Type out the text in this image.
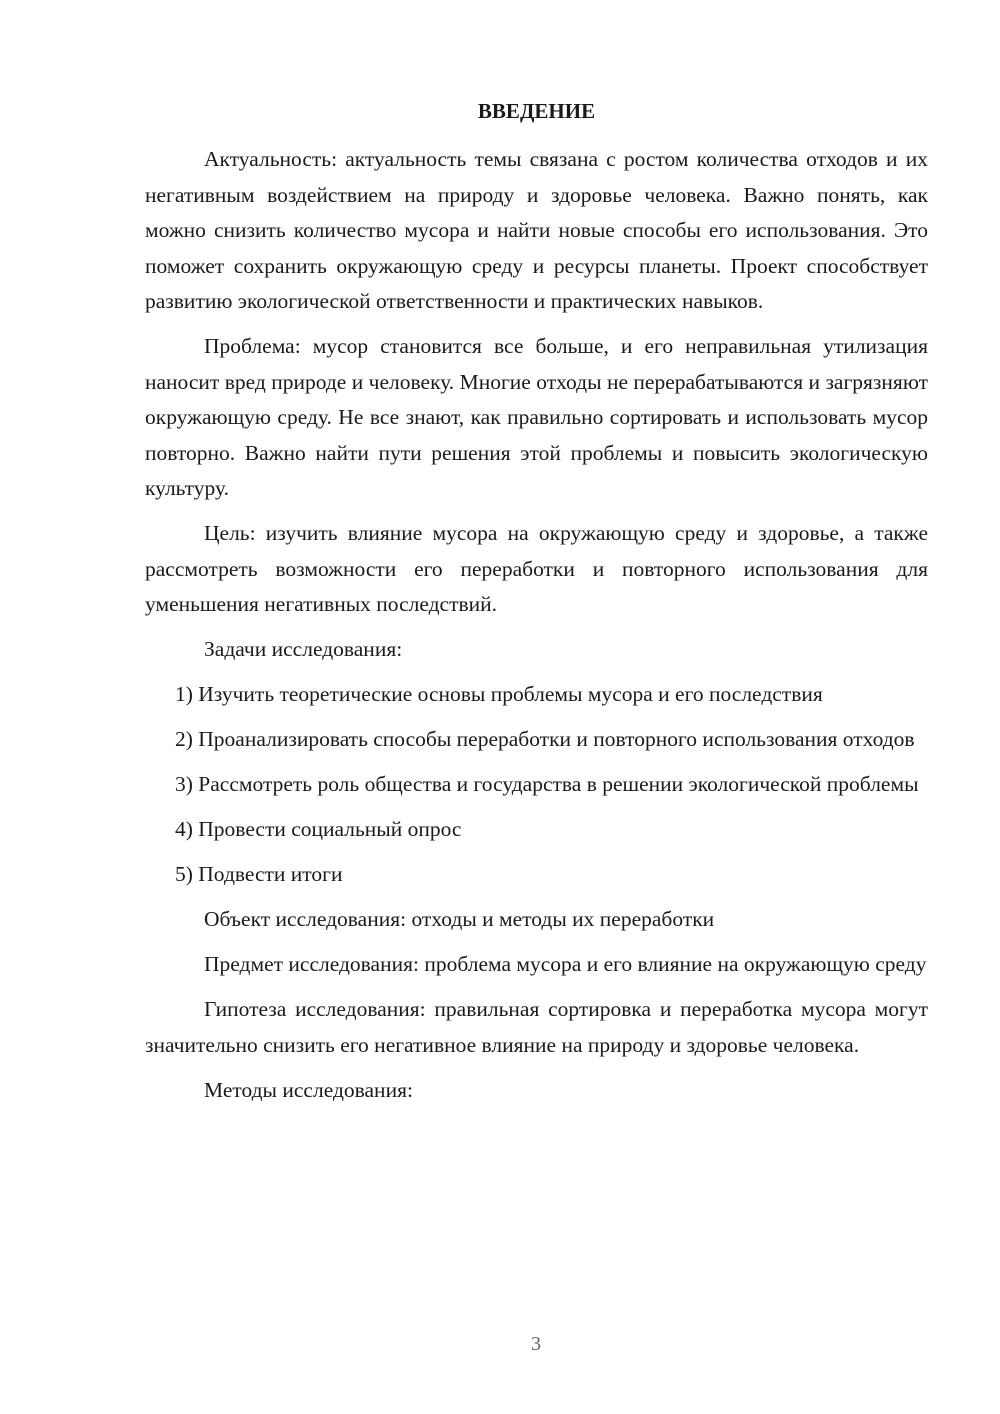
ВВЕДЕНИЕ

Актуальность: актуальность темы связана с ростом количества отходов и их негативным воздействием на природу и здоровье человека. Важно понять, как можно снизить количество мусора и найти новые способы его использования. Это поможет сохранить окружающую среду и ресурсы планеты. Проект способствует развитию экологической ответственности и практических навыков.

Проблема: мусор становится все больше, и его неправильная утилизация наносит вред природе и человеку. Многие отходы не перерабатываются и загрязняют окружающую среду. Не все знают, как правильно сортировать и использовать мусор повторно. Важно найти пути решения этой проблемы и повысить экологическую культуру.

Цель: изучить влияние мусора на окружающую среду и здоровье, а также рассмотреть возможности его переработки и повторного использования для уменьшения негативных последствий.

Задачи исследования:

1) Изучить теоретические основы проблемы мусора и его последствия

2) Проанализировать способы переработки и повторного использования отходов

3) Рассмотреть роль общества и государства в решении экологической проблемы

4) Провести социальный опрос

5) Подвести итоги

Объект исследования: отходы и методы их переработки

Предмет исследования: проблема мусора и его влияние на окружающую среду

Гипотеза исследования: правильная сортировка и переработка мусора могут значительно снизить его негативное влияние на природу и здоровье человека.

Методы исследования:

3
